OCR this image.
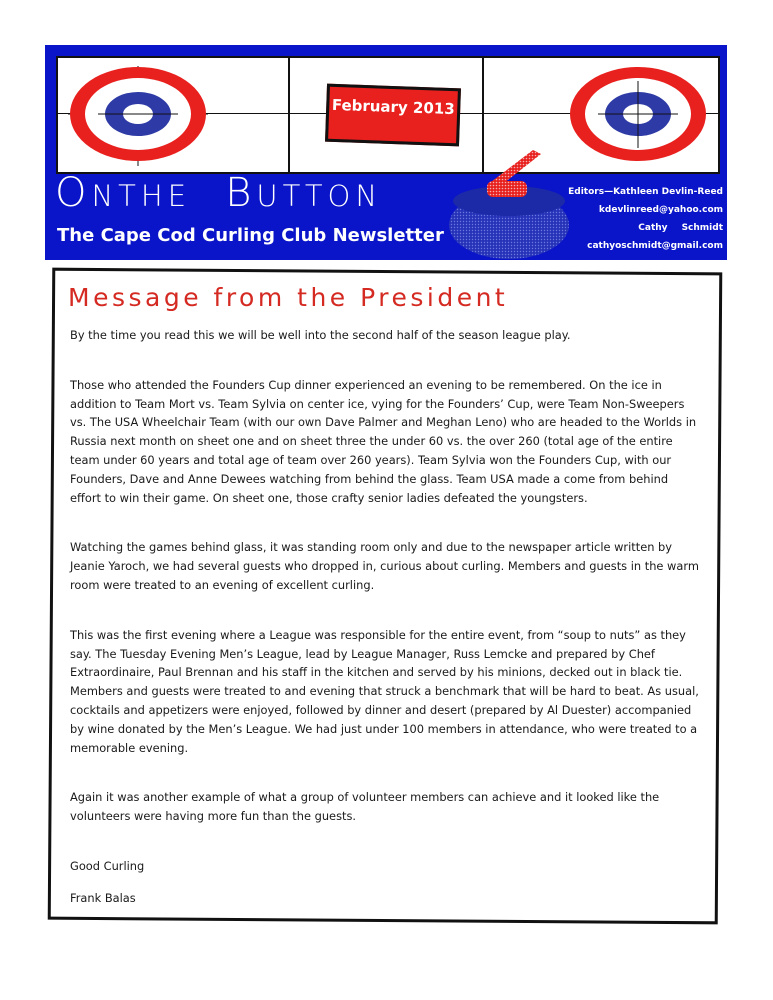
February 2013
ONTHE BUTTON
The Cape Cod Curling Club Newsletter
Editors—Kathleen Devlin-Reed
kdevlinreed@yahoo.com
Cathy Schmidt
cathyoschmidt@gmail.com
Message from the President

By the time you read this we will be well into the second half of the season league play.

Those who attended the Founders Cup dinner experienced an evening to be remembered. On the ice in addition to Team Mort vs. Team Sylvia on center ice, vying for the Founders’ Cup, were Team Non-Sweepers vs. The USA Wheelchair Team (with our own Dave Palmer and Meghan Leno) who are headed to the Worlds in Russia next month on sheet one and on sheet three the under 60 vs. the over 260 (total age of the entire team under 60 years and total age of team over 260 years). Team Sylvia won the Founders Cup, with our Founders, Dave and Anne Dewees watching from behind the glass. Team USA made a come from behind effort to win their game. On sheet one, those crafty senior ladies defeated the youngsters.

Watching the games behind glass, it was standing room only and due to the newspaper article written by Jeanie Yaroch, we had several guests who dropped in, curious about curling. Members and guests in the warm room were treated to an evening of excellent curling.

This was the first evening where a League was responsible for the entire event, from “soup to nuts” as they say. The Tuesday Evening Men’s League, lead by League Manager, Russ Lemcke and prepared by Chef Extraordinaire, Paul Brennan and his staff in the kitchen and served by his minions, decked out in black tie. Members and guests were treated to and evening that struck a benchmark that will be hard to beat. As usual, cocktails and appetizers were enjoyed, followed by dinner and desert (prepared by Al Duester) accompanied by wine donated by the Men’s League. We had just under 100 members in attendance, who were treated to a memorable evening.

Again it was another example of what a group of volunteer members can achieve and it looked like the volunteers were having more fun than the guests.

Good Curling

Frank Balas
